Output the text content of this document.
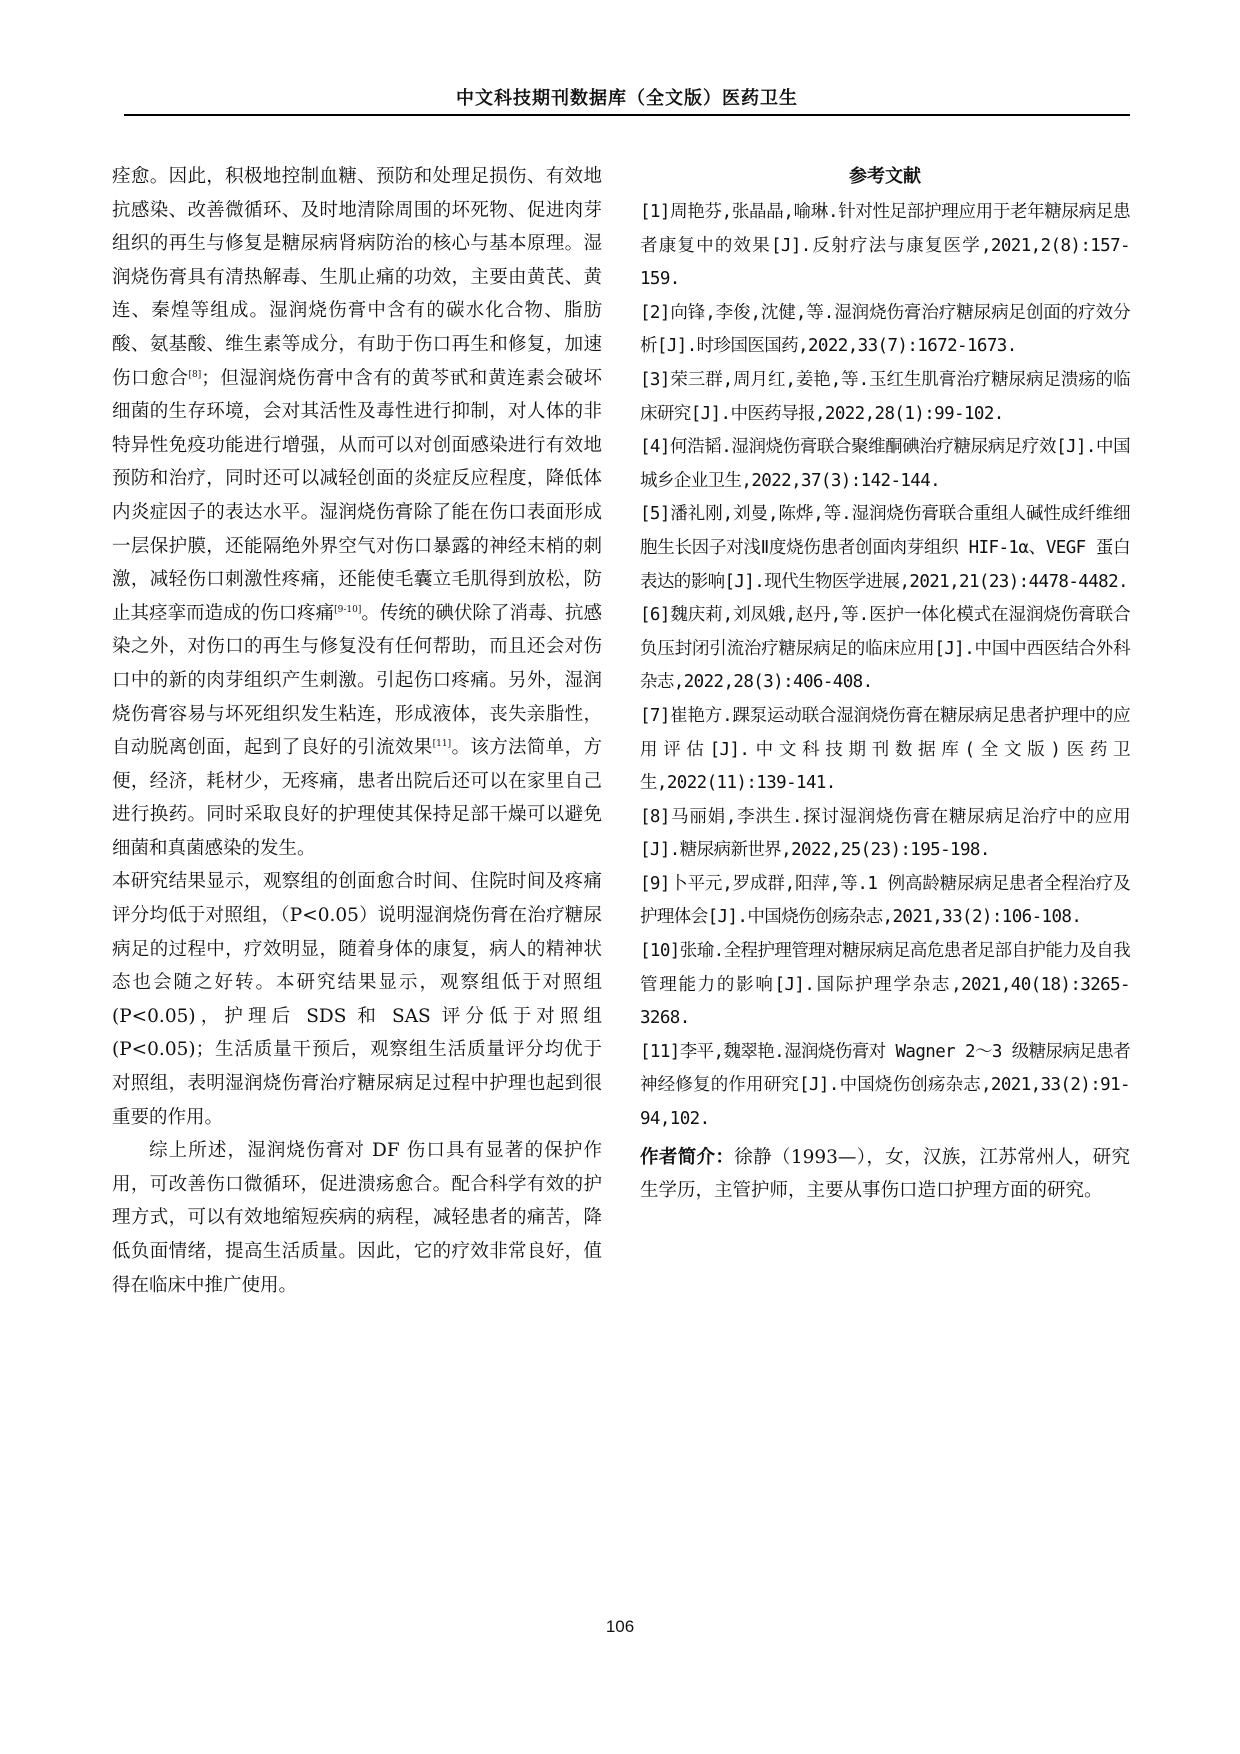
中文科技期刊数据库（全文版）医药卫生

痊愈。因此，积极地控制血糖、预防和处理足损伤、有效地抗感染、改善微循环、及时地清除周围的坏死物、促进肉芽组织的再生与修复是糖尿病肾病防治的核心与基本原理。湿润烧伤膏具有清热解毒、生肌止痛的功效，主要由黄芪、黄连、秦煌等组成。湿润烧伤膏中含有的碳水化合物、脂肪酸、氨基酸、维生素等成分，有助于伤口再生和修复，加速伤口愈合[8]；但湿润烧伤膏中含有的黄芩甙和黄连素会破坏细菌的生存环境，会对其活性及毒性进行抑制，对人体的非特异性免疫功能进行增强，从而可以对创面感染进行有效地预防和治疗，同时还可以减轻创面的炎症反应程度，降低体内炎症因子的表达水平。湿润烧伤膏除了能在伤口表面形成一层保护膜，还能隔绝外界空气对伤口暴露的神经末梢的刺激，减轻伤口刺激性疼痛，还能使毛囊立毛肌得到放松，防止其痉挛而造成的伤口疼痛[9-10]。传统的碘伏除了消毒、抗感染之外，对伤口的再生与修复没有任何帮助，而且还会对伤口中的新的肉芽组织产生刺激。引起伤口疼痛。另外，湿润烧伤膏容易与坏死组织发生粘连，形成液体，丧失亲脂性，自动脱离创面，起到了良好的引流效果[11]。该方法简单，方便，经济，耗材少，无疼痛，患者出院后还可以在家里自己进行换药。同时采取良好的护理使其保持足部干燥可以避免细菌和真菌感染的发生。

本研究结果显示，观察组的创面愈合时间、住院时间及疼痛评分均低于对照组，（P<0.05）说明湿润烧伤膏在治疗糖尿病足的过程中，疗效明显，随着身体的康复，病人的精神状态也会随之好转。本研究结果显示，观察组低于对照组(P<0.05)，护理后 SDS 和 SAS 评分低于对照组(P<0.05)；生活质量干预后，观察组生活质量评分均优于对照组，表明湿润烧伤膏治疗糖尿病足过程中护理也起到很重要的作用。

综上所述，湿润烧伤膏对 DF 伤口具有显著的保护作用，可改善伤口微循环，促进溃疡愈合。配合科学有效的护理方式，可以有效地缩短疾病的病程，减轻患者的痛苦，降低负面情绪，提高生活质量。因此，它的疗效非常良好，值得在临床中推广使用。

参考文献
[1]周艳芬,张晶晶,喻琳.针对性足部护理应用于老年糖尿病足患者康复中的效果[J].反射疗法与康复医学,2021,2(8):157-159.
[2]向锋,李俊,沈健,等.湿润烧伤膏治疗糖尿病足创面的疗效分析[J].时珍国医国药,2022,33(7):1672-1673.
[3]荣三群,周月红,姜艳,等.玉红生肌膏治疗糖尿病足溃疡的临床研究[J].中医药导报,2022,28(1):99-102.
[4]何浩韬.湿润烧伤膏联合聚维酮碘治疗糖尿病足疗效[J].中国城乡企业卫生,2022,37(3):142-144.
[5]潘礼刚,刘曼,陈烨,等.湿润烧伤膏联合重组人碱性成纤维细胞生长因子对浅Ⅱ度烧伤患者创面肉芽组织 HIF-1α、VEGF 蛋白表达的影响[J].现代生物医学进展,2021,21(23):4478-4482.
[6]魏庆莉,刘凤娥,赵丹,等.医护一体化模式在湿润烧伤膏联合负压封闭引流治疗糖尿病足的临床应用[J].中国中西医结合外科杂志,2022,28(3):406-408.
[7]崔艳方.踝泵运动联合湿润烧伤膏在糖尿病足患者护理中的应用评估[J].中文科技期刊数据库(全文版)医药卫生,2022(11):139-141.
[8]马丽娟,李洪生.探讨湿润烧伤膏在糖尿病足治疗中的应用[J].糖尿病新世界,2022,25(23):195-198.
[9]卜平元,罗成群,阳萍,等.1 例高龄糖尿病足患者全程治疗及护理体会[J].中国烧伤创疡杂志,2021,33(2):106-108.
[10]张瑜.全程护理管理对糖尿病足高危患者足部自护能力及自我管理能力的影响[J].国际护理学杂志,2021,40(18):3265-3268.
[11]李平,魏翠艳.湿润烧伤膏对 Wagner 2～3 级糖尿病足患者神经修复的作用研究[J].中国烧伤创疡杂志,2021,33(2):91-94,102.
作者简介：徐静（1993—），女，汉族，江苏常州人，研究生学历，主管护师，主要从事伤口造口护理方面的研究。
106
